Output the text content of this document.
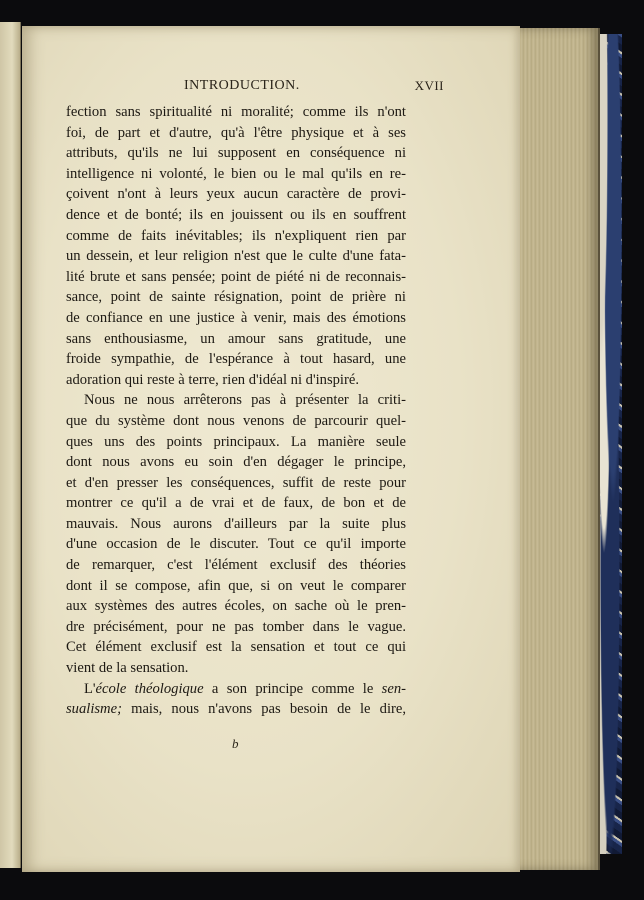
INTRODUCTION.	XVII
fection sans spiritualité ni moralité; comme ils n'ont
foi, de part et d'autre, qu'à l'être physique et à ses
attributs, qu'ils ne lui supposent en conséquence ni
intelligence ni volonté, le bien ou le mal qu'ils en re-
çoivent n'ont à leurs yeux aucun caractère de provi-
dence et de bonté; ils en jouissent ou ils en souffrent
comme de faits inévitables; ils n'expliquent rien par
un dessein, et leur religion n'est que le culte d'une fata-
lité brute et sans pensée; point de piété ni de reconnais-
sance, point de sainte résignation, point de prière ni
de confiance en une justice à venir, mais des émotions
sans enthousiasme, un amour sans gratitude, une
froide sympathie, de l'espérance à tout hasard, une
adoration qui reste à terre, rien d'idéal ni d'inspiré.
Nous ne nous arrêterons pas à présenter la criti-
que du système dont nous venons de parcourir quel-
ques uns des points principaux. La manière seule
dont nous avons eu soin d'en dégager le principe,
et d'en presser les conséquences, suffit de reste pour
montrer ce qu'il a de vrai et de faux, de bon et de
mauvais. Nous aurons d'ailleurs par la suite plus
d'une occasion de le discuter. Tout ce qu'il importe
de remarquer, c'est l'élément exclusif des théories
dont il se compose, afin que, si on veut le comparer
aux systèmes des autres écoles, on sache où le pren-
dre précisément, pour ne pas tomber dans le vague.
Cet élément exclusif est la sensation et tout ce qui
vient de la sensation.
L'école théologique a son principe comme le sen-
sualisme; mais, nous n'avons pas besoin de le dire,
b
